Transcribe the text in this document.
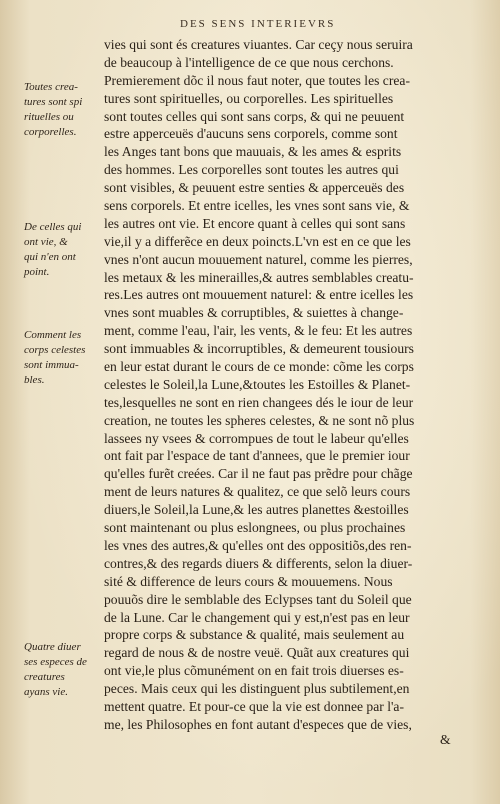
DES SENS INTERIEVRS
vies qui sont és creatures viuantes. Car ceçy nous seruira
de beaucoup à l'intelligence de ce que nous cerchons.
Premierement dõc il nous faut noter, que toutes les crea-
tures sont spirituelles, ou corporelles. Les spirituelles
sont toutes celles qui sont sans corps, & qui ne peuuent
estre apperceuës d'aucuns sens corporels, comme sont
les Anges tant bons que mauuais, & les ames & esprits
des hommes. Les corporelles sont toutes les autres qui
sont visibles, & peuuent estre senties & apperceuës des
sens corporels. Et entre icelles, les vnes sont sans vie, &
les autres ont vie. Et encore quant à celles qui sont sans
vie,il y a differẽce en deux poincts.L'vn est en ce que les
vnes n'ont aucun mouuement naturel, comme les pierres,
les metaux & les minerailles,& autres semblables creatu-
res.Les autres ont mouuement naturel: & entre icelles les
vnes sont muables & corruptibles, & suiettes à change-
ment, comme l'eau, l'air, les vents, & le feu: Et les autres
sont immuables & incorruptibles, & demeurent tousiours
en leur estat durant le cours de ce monde: cõme les corps
celestes le Soleil,la Lune,&toutes les Estoilles & Planet-
tes,lesquelles ne sont en rien changees dés le iour de leur
creation, ne toutes les spheres celestes, & ne sont nõ plus
lassees ny vsees & corrompues de tout le labeur qu'elles
ont fait par l'espace de tant d'annees, que le premier iour
qu'elles furẽt creées. Car il ne faut pas prẽdre pour chãge
ment de leurs natures & qualitez, ce que selõ leurs cours
diuers,le Soleil,la Lune,& les autres planettes &estoilles
sont maintenant ou plus eslongnees, ou plus prochaines
les vnes des autres,& qu'elles ont des oppositiõs,des ren-
contres,& des regards diuers & differents, selon la diuer-
sité & difference de leurs cours & mouuemens. Nous
pouuõs dire le semblable des Eclypses tant du Soleil que
de la Lune. Car le changement qui y est,n'est pas en leur
propre corps & substance & qualité, mais seulement au
regard de nous & de nostre veuë. Quãt aux creatures qui
ont vie,le plus cõmunément on en fait trois diuerses es-
peces. Mais ceux qui les distinguent plus subtilement,en
mettent quatre. Et pour-ce que la vie est donnee par l'a-
me, les Philosophes en font autant d'especes que de vies,
Toutes crea-
tures sont spi
rituelles ou
corporelles.
De celles qui
ont vie, &
qui n'en ont
point.
Comment les
corps celestes
sont immua-
bles.
Quatre diuer
ses especes de
creatures
ayans vie.
&
